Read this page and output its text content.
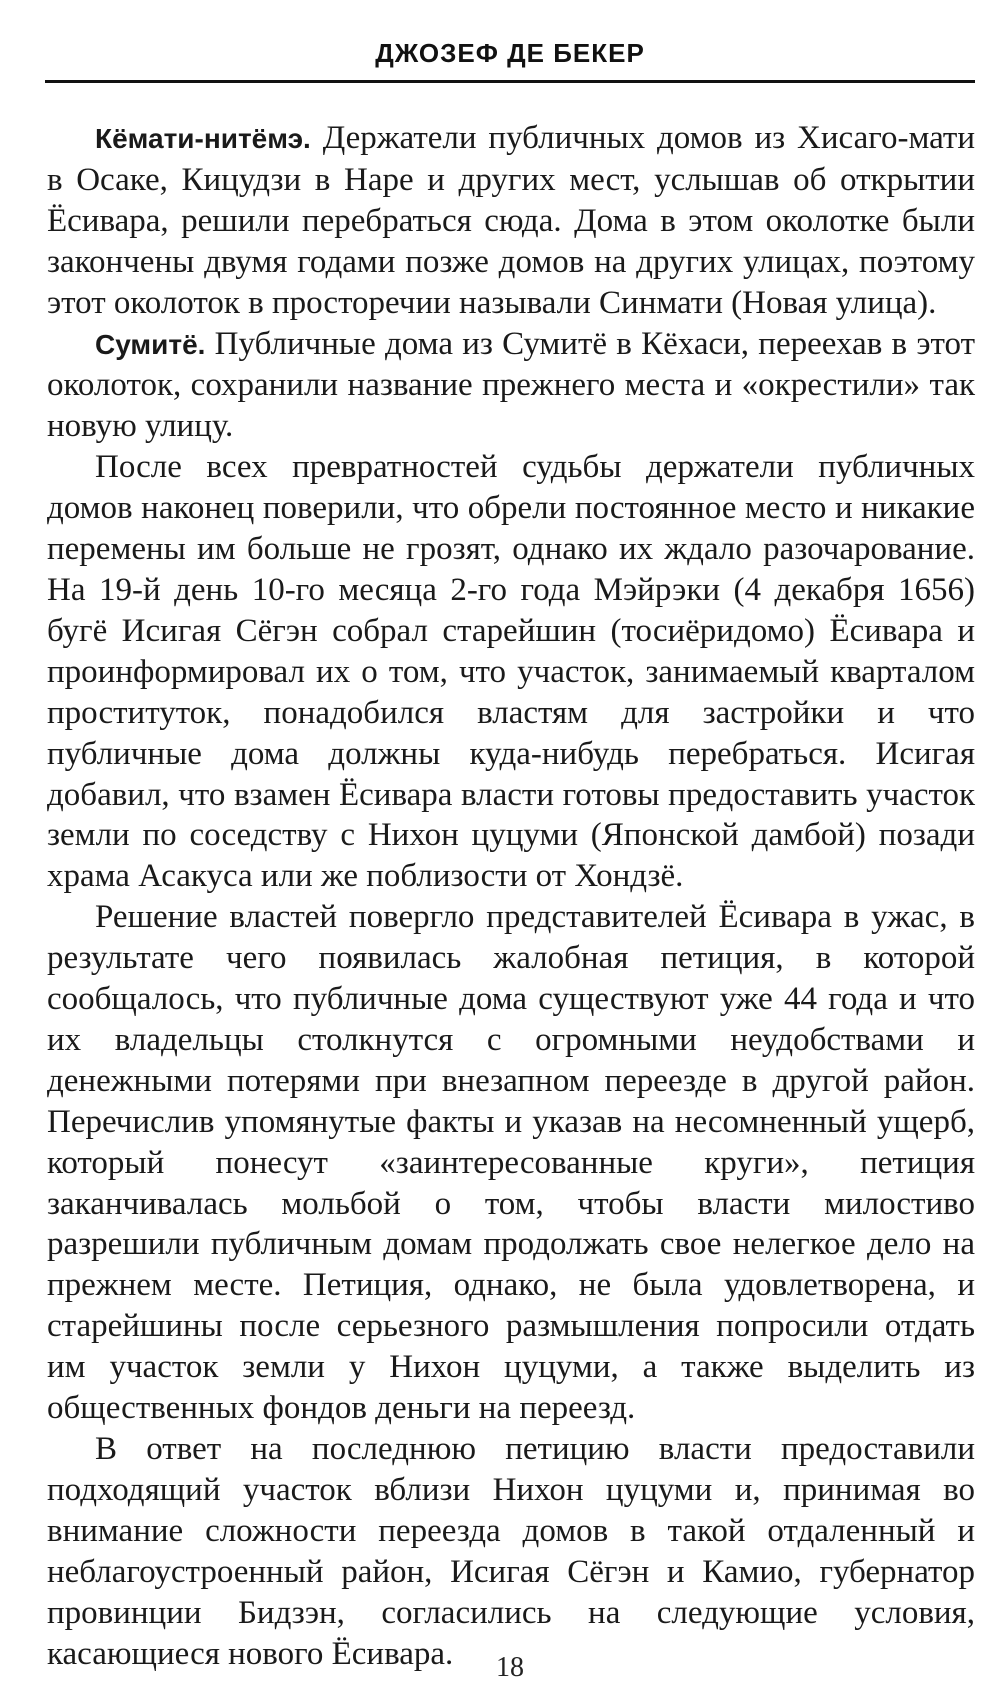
ДЖОЗЕФ ДЕ БЕКЕР

Кёмати-нитёмэ. Держатели публичных домов из Хисаго-мати в Осаке, Кицудзи в Наре и других мест, услышав об открытии Ёсивара, решили перебраться сюда. Дома в этом околотке были закончены двумя годами позже домов на других улицах, поэтому этот околоток в просторечии называли Синмати (Новая улица).

Сумитё. Публичные дома из Сумитё в Кёхаси, переехав в этот околоток, сохранили название прежнего места и «окрестили» так новую улицу.

После всех превратностей судьбы держатели публичных домов наконец поверили, что обрели постоянное место и никакие перемены им больше не грозят, однако их ждало разочарование. На 19-й день 10-го месяца 2-го года Мэйрэки (4 декабря 1656) бугё Исигая Сёгэн собрал старейшин (тосиёридомо) Ёсивара и проинформировал их о том, что участок, занимаемый кварталом проституток, понадобился властям для застройки и что публичные дома должны куда-нибудь перебраться. Исигая добавил, что взамен Ёсивара власти готовы предоставить участок земли по соседству с Нихон цуцуми (Японской дамбой) позади храма Асакуса или же поблизости от Хондзё.

Решение властей повергло представителей Ёсивара в ужас, в результате чего появилась жалобная петиция, в которой сообщалось, что публичные дома существуют уже 44 года и что их владельцы столкнутся с огромными неудобствами и денежными потерями при внезапном переезде в другой район. Перечислив упомянутые факты и указав на несомненный ущерб, который понесут «заинтересованные круги», петиция заканчивалась мольбой о том, чтобы власти милостиво разрешили публичным домам продолжать свое нелегкое дело на прежнем месте. Петиция, однако, не была удовлетворена, и старейшины после серьезного размышления попросили отдать им участок земли у Нихон цуцуми, а также выделить из общественных фондов деньги на переезд.

В ответ на последнюю петицию власти предоставили подходящий участок вблизи Нихон цуцуми и, принимая во внимание сложности переезда домов в такой отдаленный и неблагоустроенный район, Исигая Сёгэн и Камио, губернатор провинции Бидзэн, согласились на следующие условия, касающиеся нового Ёсивара.	18
